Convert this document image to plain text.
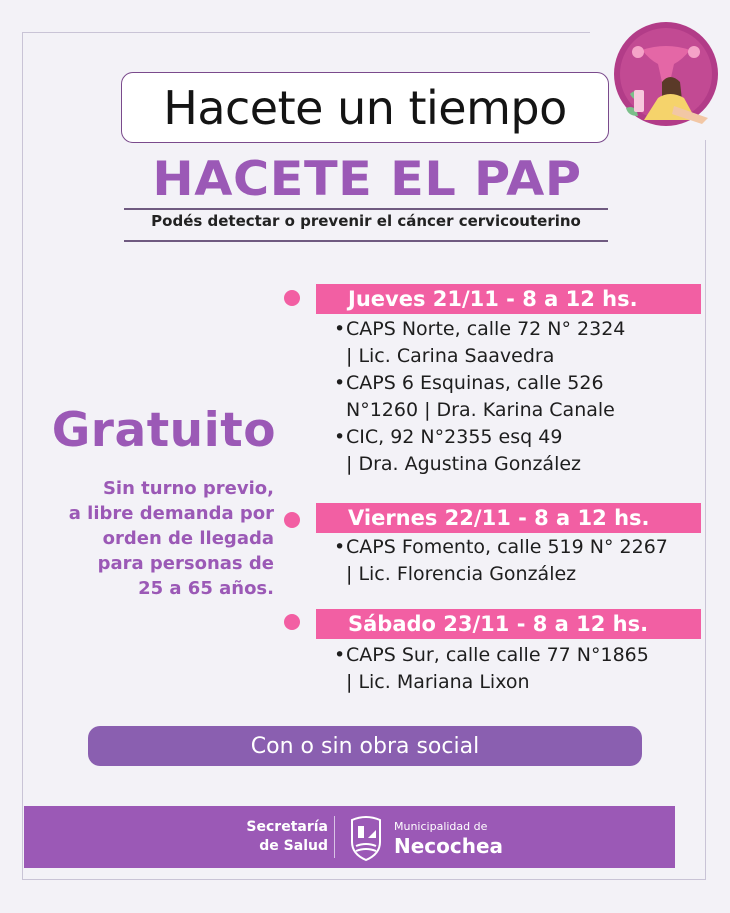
Hacete un tiempo
HACETE EL PAP
Podés detectar o prevenir el cáncer cervicouterino
Gratuito
Sin turno previo,
a libre demanda por
orden de llegada
para personas de
25 a 65 años.
Jueves 21/11 - 8 a 12 hs.
•CAPS Norte, calle 72 N° 2324
| Lic. Carina Saavedra
•CAPS 6 Esquinas, calle 526
N°1260 | Dra. Karina Canale
•CIC, 92 N°2355 esq 49
| Dra. Agustina González
Viernes 22/11 - 8 a 12 hs.
•CAPS Fomento, calle 519 N° 2267
| Lic. Florencia González
Sábado 23/11 - 8 a 12 hs.
•CAPS Sur, calle calle 77 N°1865
| Lic. Mariana Lixon
Con o sin obra social
Secretaría
de Salud
Municipalidad de
Necochea
